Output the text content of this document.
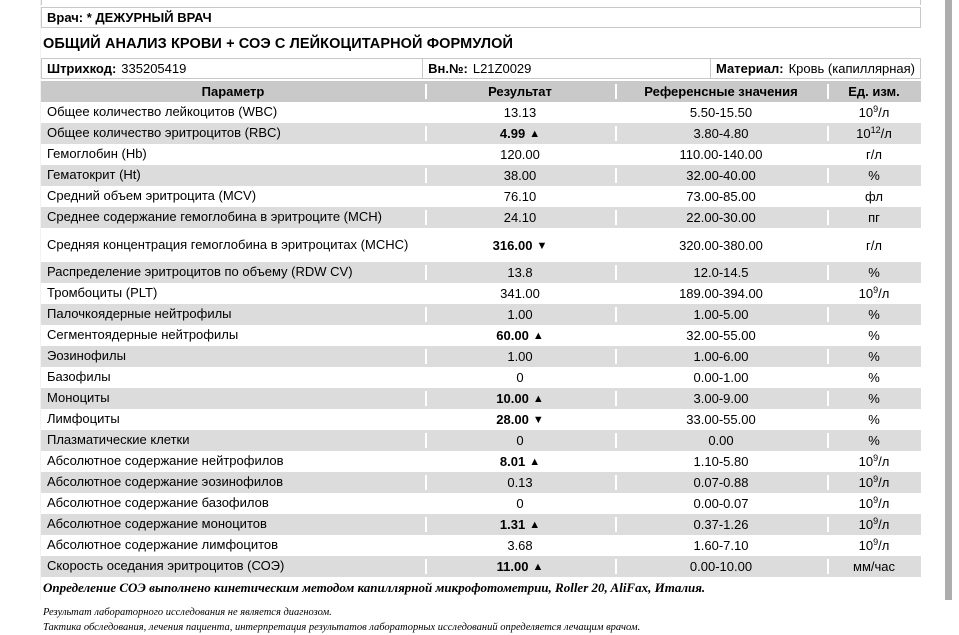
Врач: * ДЕЖУРНЫЙ ВРАЧ
ОБЩИЙ АНАЛИЗ КРОВИ + СОЭ С ЛЕЙКОЦИТАРНОЙ ФОРМУЛОЙ
Штрихкод: 335205419	Вн.№: L21Z0029	Материал: Кровь (капиллярная)
Параметр	Результат	Референсные значения	Ед. изм.
Общее количество лейкоцитов (WBC)	13.13	5.50-15.50	$10^9/л$
Общее количество эритроцитов (RBC)	4.99 ▲	3.80-4.80	$10^{12}/л$
Гемоглобин (Hb)	120.00	110.00-140.00	г/л
Гематокрит (Ht)	38.00	32.00-40.00	%
Средний объем эритроцита (MCV)	76.10	73.00-85.00	фл
Среднее содержание гемоглобина в эритроците (MCH)	24.10	22.00-30.00	пг
Средняя концентрация гемоглобина в эритроцитах (MCHC)	316.00 ▼	320.00-380.00	г/л
Распределение эритроцитов по объему (RDW CV)	13.8	12.0-14.5	%
Тромбоциты (PLT)	341.00	189.00-394.00	$10^9/л$
Палочкоядерные нейтрофилы	1.00	1.00-5.00	%
Сегментоядерные нейтрофилы	60.00 ▲	32.00-55.00	%
Эозинофилы	1.00	1.00-6.00	%
Базофилы	0	0.00-1.00	%
Моноциты	10.00 ▲	3.00-9.00	%
Лимфоциты	28.00 ▼	33.00-55.00	%
Плазматические клетки	0	0.00	%
Абсолютное содержание нейтрофилов	8.01 ▲	1.10-5.80	$10^9/л$
Абсолютное содержание эозинофилов	0.13	0.07-0.88	$10^9/л$
Абсолютное содержание базофилов	0	0.00-0.07	$10^9/л$
Абсолютное содержание моноцитов	1.31 ▲	0.37-1.26	$10^9/л$
Абсолютное содержание лимфоцитов	3.68	1.60-7.10	$10^9/л$
Скорость оседания эритроцитов (СОЭ)	11.00 ▲	0.00-10.00	мм/час
Определение СОЭ выполнено кинетическим методом капиллярной микрофотометрии, Roller 20, AliFax, Италия.
Результат лабораторного исследования не является диагнозом.
Тактика обследования, лечения пациента, интерпретация результатов лабораторных исследований определяется лечащим врачом.
